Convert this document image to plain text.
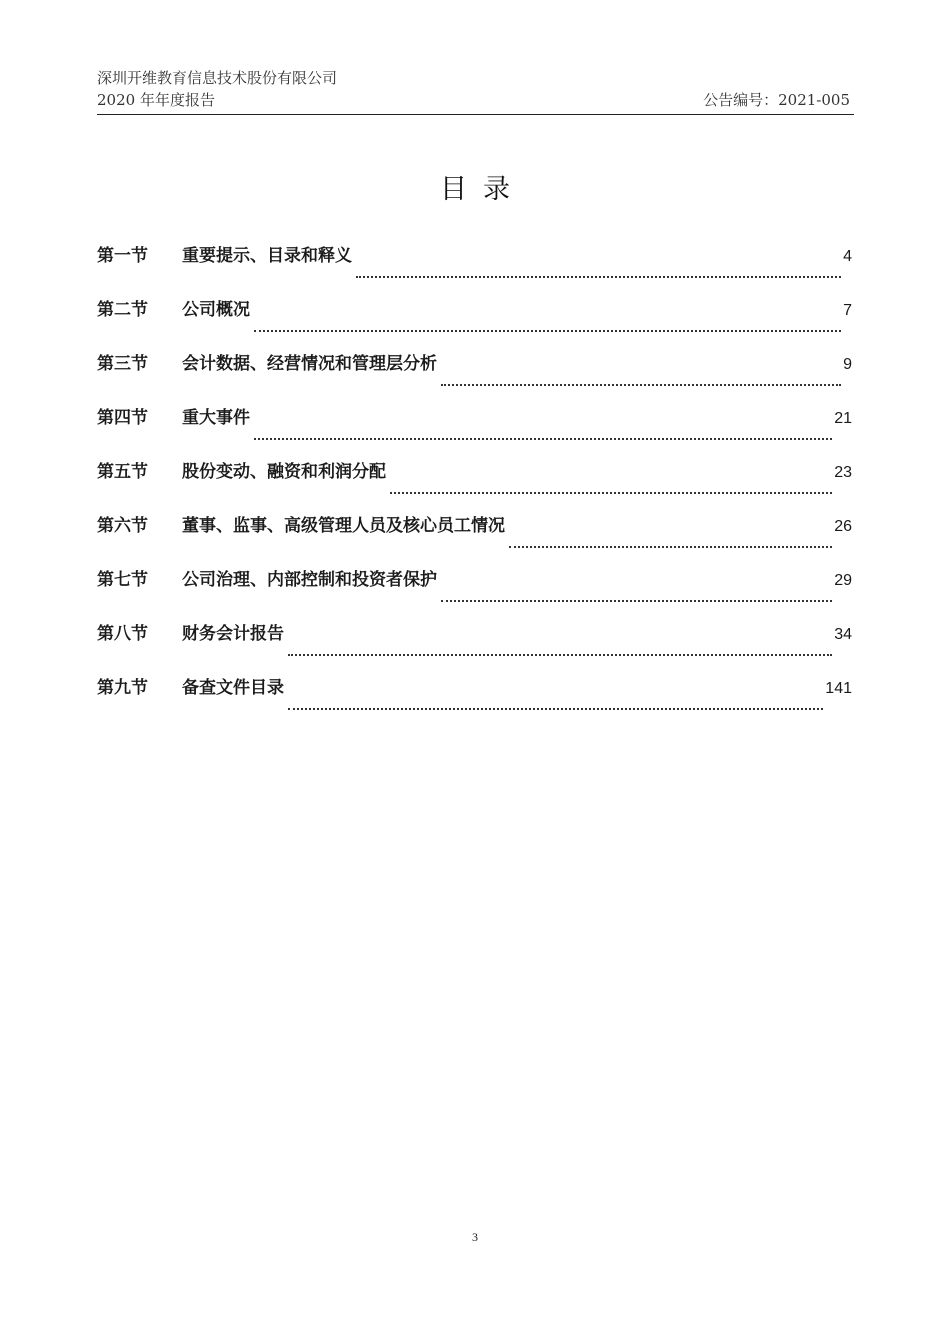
深圳开维教育信息技术股份有限公司
2020 年年度报告	公告编号：2021-005
目录
第一节	重要提示、目录和释义	4
第二节	公司概况	7
第三节	会计数据、经营情况和管理层分析	9
第四节	重大事件	21
第五节	股份变动、融资和利润分配	23
第六节	董事、监事、高级管理人员及核心员工情况	26
第七节	公司治理、内部控制和投资者保护	29
第八节	财务会计报告	34
第九节	备查文件目录	141
3
